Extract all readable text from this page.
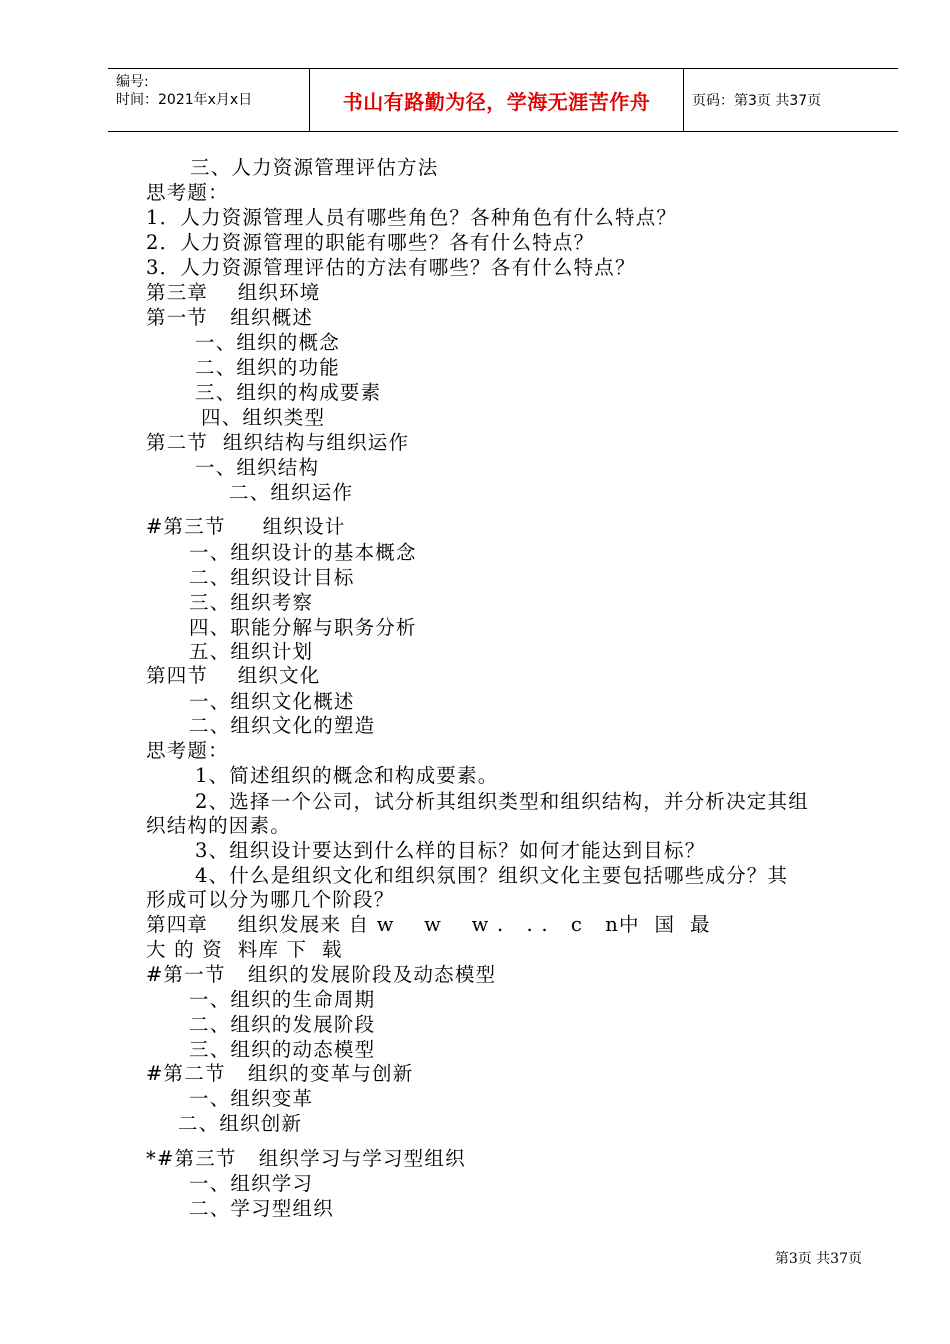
编号:
时间：2021年x月x日	书山有路勤为径，学海无涯苦作舟	页码：第3页 共37页
三、人力资源管理评估方法
思考题：
1．人力资源管理人员有哪些角色？各种角色有什么特点？
2．人力资源管理的职能有哪些？各有什么特点？
3．人力资源管理评估的方法有哪些？各有什么特点？
第三章    组织环境
第一节   组织概述
一、组织的概念
二、组织的功能
三、组织的构成要素
四、组织类型
第二节  组织结构与组织运作
一、组织结构
二、组织运作
#第三节     组织设计
一、组织设计的基本概念
二、组织设计目标
三、组织考察
四、职能分解与职务分析
五、组织计划
第四节    组织文化
一、组织文化概述
二、组织文化的塑造
思考题：
1、简述组织的概念和构成要素。
2、选择一个公司，试分析其组织类型和组织结构，并分析决定其组
织结构的因素。
3、组织设计要达到什么样的目标？如何才能达到目标？
4、什么是组织文化和组织氛围？组织文化主要包括哪些成分？其
形成可以分为哪几个阶段？
第四章    组织发展来 自 w    w    w .   . .   c   n中  国  最
大 的 资  料库 下  载
#第一节   组织的发展阶段及动态模型
一、组织的生命周期
二、组织的发展阶段
三、组织的动态模型
#第二节   组织的变革与创新
一、组织变革
二、组织创新
*#第三节   组织学习与学习型组织
一、组织学习
二、学习型组织
第3页 共37页
